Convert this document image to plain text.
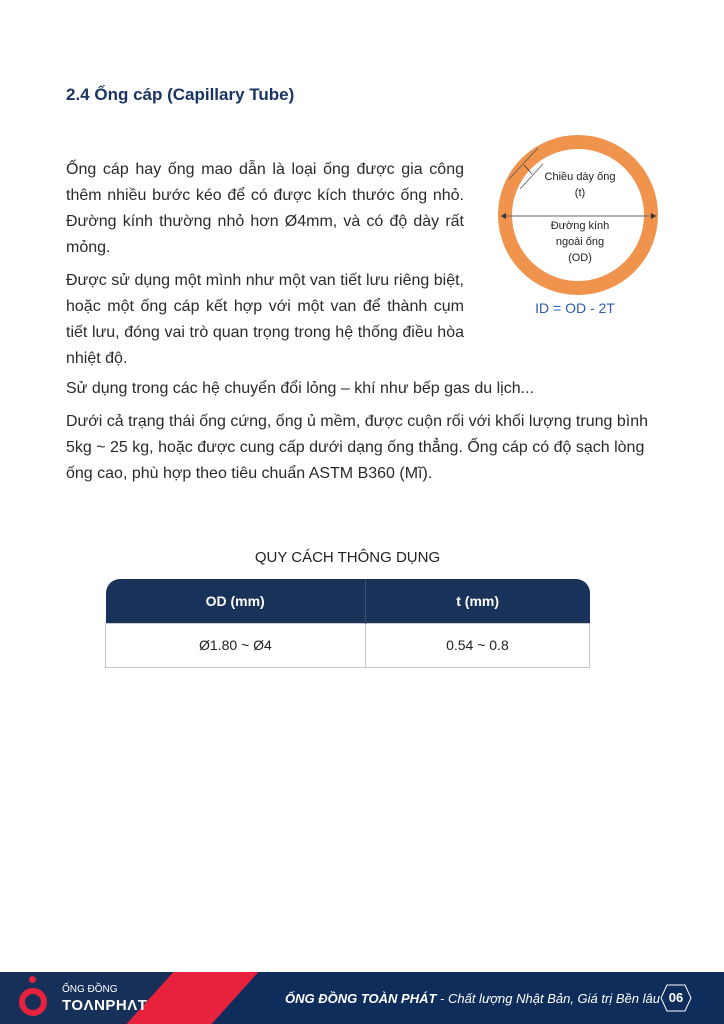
2.4 Ống cáp (Capillary Tube)

Ống cáp hay ống mao dẫn là loại ống được gia công thêm nhiều bước kéo để có được kích thước ống nhỏ. Đường kính thường nhỏ hơn Ø4mm, và có độ dày rất mỏng.

Được sử dụng một mình như một van tiết lưu riêng biệt, hoặc một ống cáp kết hợp với một van để thành cụm tiết lưu, đóng vai trò quan trọng trong hệ thống điều hòa nhiệt độ.

Sử dụng trong các hệ chuyển đổi lỏng – khí như bếp gas du lịch...

Dưới cả trạng thái ống cứng, ống ủ mềm, được cuộn rối với khối lượng trung bình 5kg ~ 25 kg, hoặc được cung cấp dưới dạng ống thẳng. Ống cáp có độ sạch lòng ống cao, phù hợp theo tiêu chuẩn ASTM B360 (Mĩ).

Chiều dày ống
(t)
Đường kính
ngoài ống
(OD)
ID = OD - 2T
QUY CÁCH THÔNG DỤNG
OD (mm)	t (mm)
Ø1.80 ~ Ø4	0.54 ~ 0.8
ỐNG ĐỒNG
TOΛNPHΛT	ỐNG ĐỒNG TOÀN PHÁT - Chất lượng Nhật Bản, Giá trị Bền lâu 06
